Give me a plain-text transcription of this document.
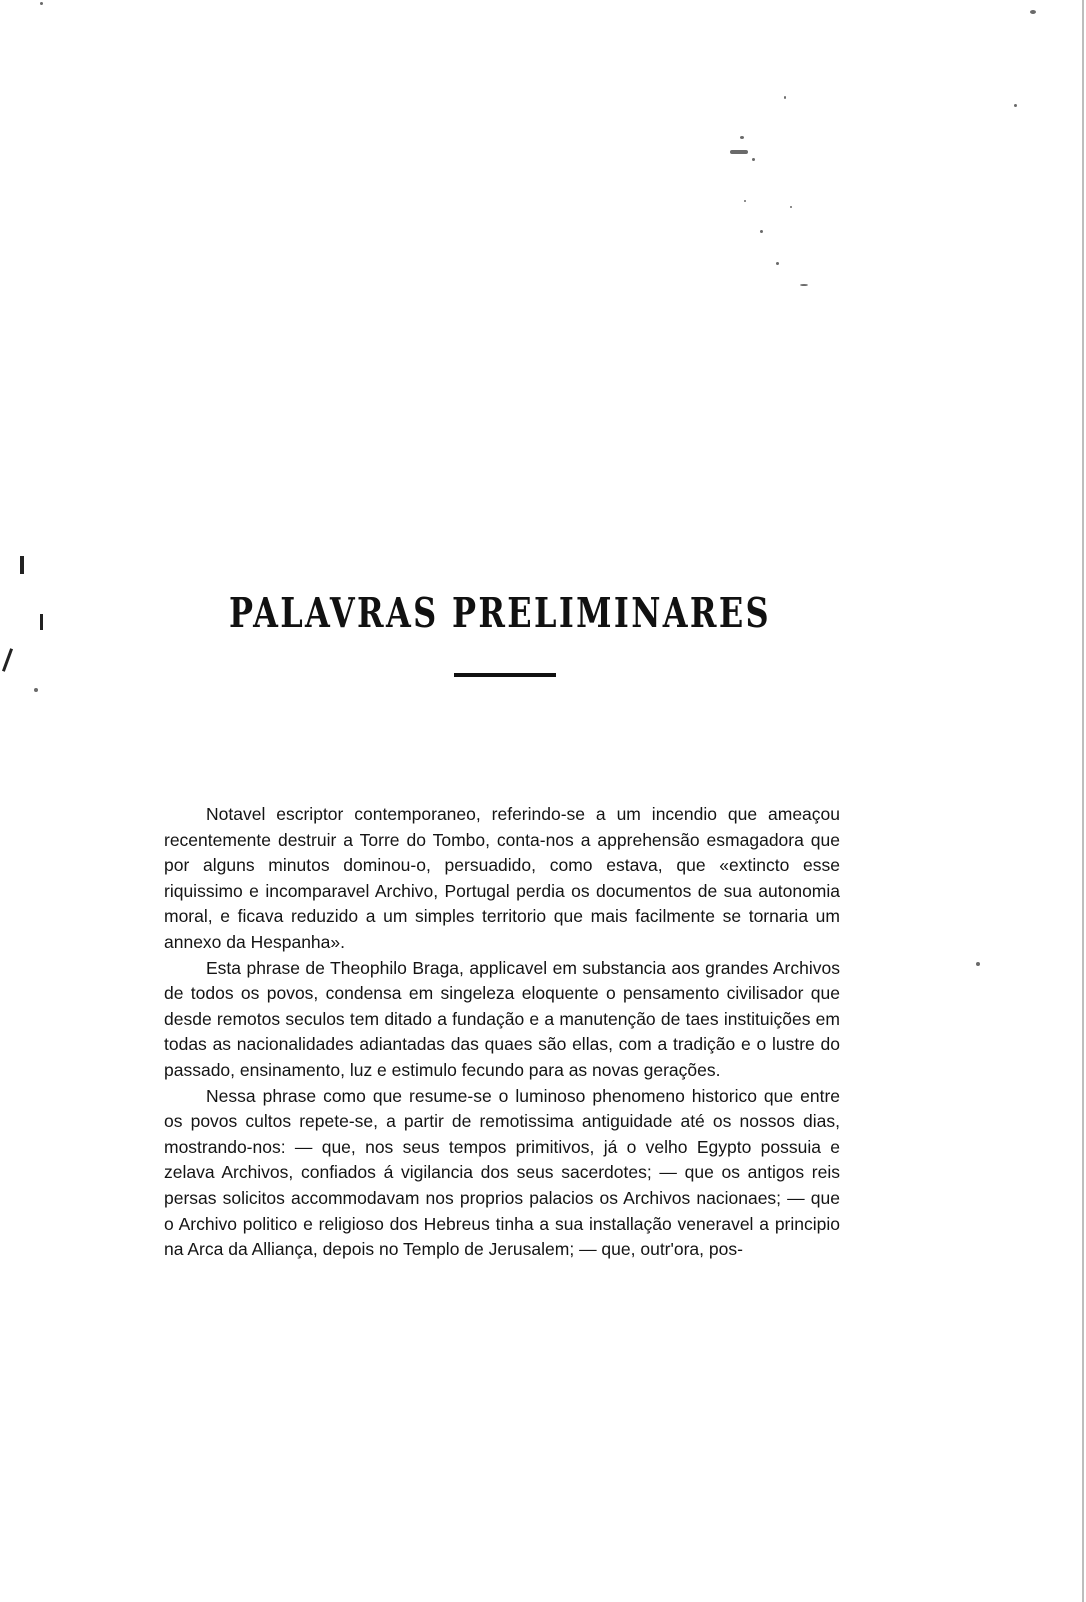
PALAVRAS PRELIMINARES

Notavel escriptor contemporaneo, referindo-se a um incendio que ameaçou recentemente destruir a Torre do Tombo, conta-nos a apprehensão esmagadora que por alguns minutos dominou-o, persuadido, como estava, que «extincto esse riquissimo e incomparavel Archivo, Portugal perdia os documentos de sua autonomia moral, e ficava reduzido a um simples territorio que mais facilmente se tornaria um annexo da Hespanha».

Esta phrase de Theophilo Braga, applicavel em substancia aos grandes Archivos de todos os povos, condensa em singeleza eloquente o pensamento civilisador que desde remotos seculos tem ditado a fundação e a manutenção de taes instituições em todas as nacionalidades adiantadas das quaes são ellas, com a tradição e o lustre do passado, ensinamento, luz e estimulo fecundo para as novas gerações.

Nessa phrase como que resume-se o luminoso phenomeno historico que entre os povos cultos repete-se, a partir de remotissima antiguidade até os nossos dias, mostrando-nos: — que, nos seus tempos primitivos, já o velho Egypto possuia e zelava Archivos, confiados á vigilancia dos seus sacerdotes; — que os antigos reis persas solicitos accommodavam nos proprios palacios os Archivos nacionaes; — que o Archivo politico e religioso dos Hebreus tinha a sua installação veneravel a principio na Arca da Alliança, depois no Templo de Jerusalem; — que, outr'ora, pos-
